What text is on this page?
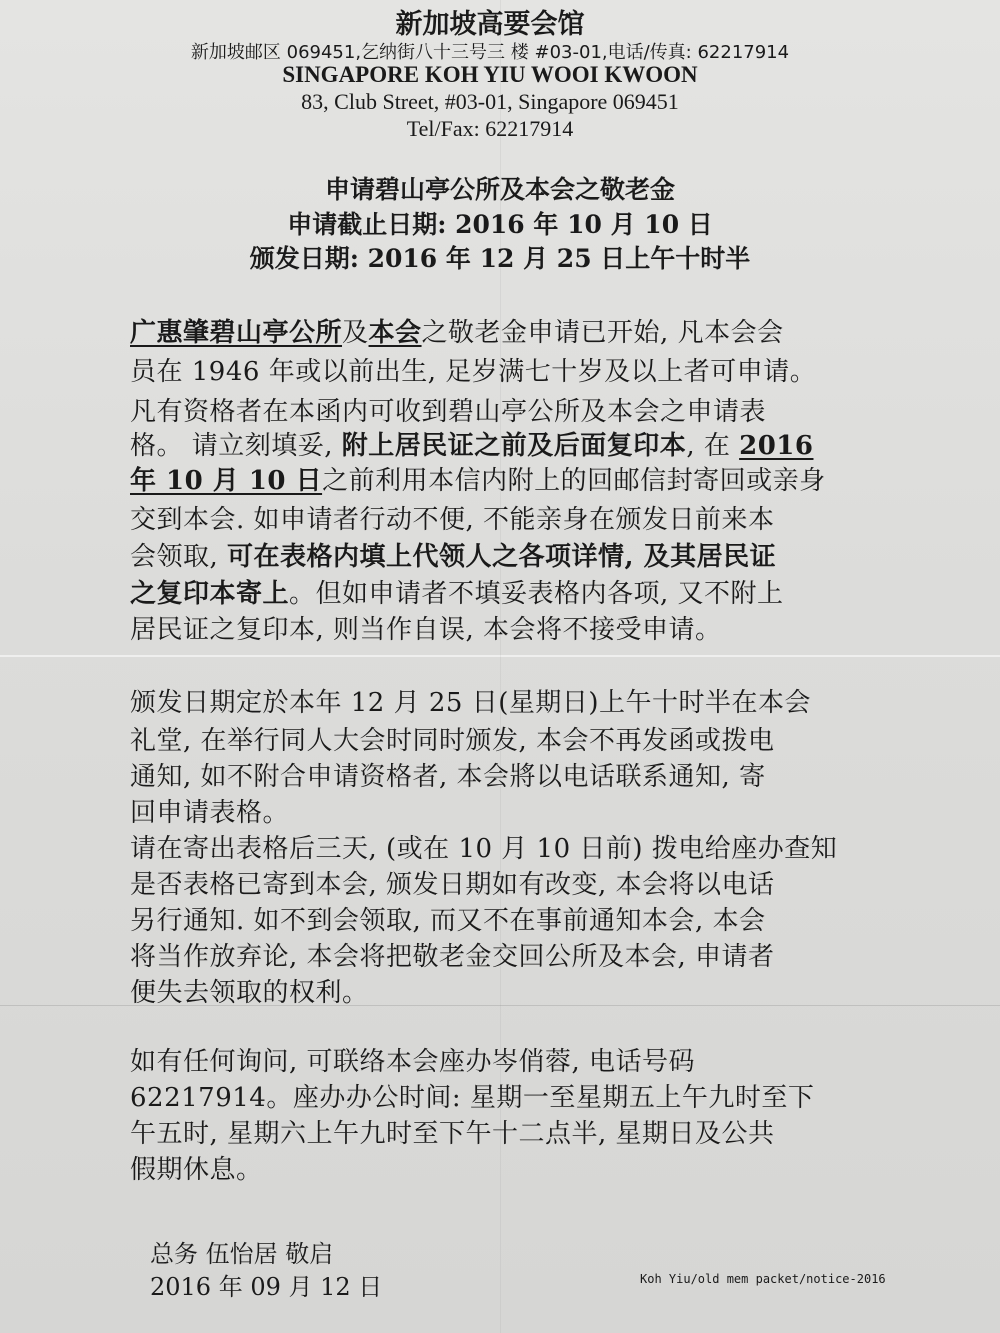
新加坡高要会馆
新加坡邮区 069451,乞纳街八十三号三 楼 #03-01,电话/传真: 62217914
SINGAPORE KOH YIU WOOI KWOON
83, Club Street, #03-01, Singapore 069451
Tel/Fax: 62217914
申请碧山亭公所及本会之敬老金
申请截止日期: 2016 年 10 月 10 日
颁发日期: 2016 年 12 月 25 日上午十时半
广惠肇碧山亭公所及本会之敬老金申请已开始, 凡本会会
员在 1946 年或以前出生, 足岁满七十岁及以上者可申请。
凡有资格者在本函内可收到碧山亭公所及本会之申请表
格。 请立刻填妥, 附上居民证之前及后面复印本, 在 2016
年 10 月 10 日之前利用本信内附上的回邮信封寄回或亲身
交到本会. 如申请者行动不便, 不能亲身在颁发日前来本
会领取, 可在表格内填上代领人之各项详情, 及其居民证
之复印本寄上。但如申请者不填妥表格内各项, 又不附上
居民证之复印本, 则当作自误, 本会将不接受申请。
颁发日期定於本年 12 月 25 日(星期日)上午十时半在本会
礼堂, 在举行同人大会时同时颁发, 本会不再发函或拨电
通知, 如不附合申请资格者, 本会將以电话联系通知, 寄
回申请表格。
请在寄出表格后三天, (或在 10 月 10 日前) 拨电给座办查知
是否表格已寄到本会, 颁发日期如有改变, 本会将以电话
另行通知. 如不到会领取, 而又不在事前通知本会, 本会
将当作放弃论, 本会将把敬老金交回公所及本会, 申请者
便失去领取的权利。
如有任何询问, 可联络本会座办岑俏蓉, 电话号码
62217914。座办办公时间: 星期一至星期五上午九时至下
午五时, 星期六上午九时至下午十二点半, 星期日及公共
假期休息。
总务 伍怡居 敬启
2016 年 09 月 12 日	Koh Yiu/old mem packet/notice-2016
